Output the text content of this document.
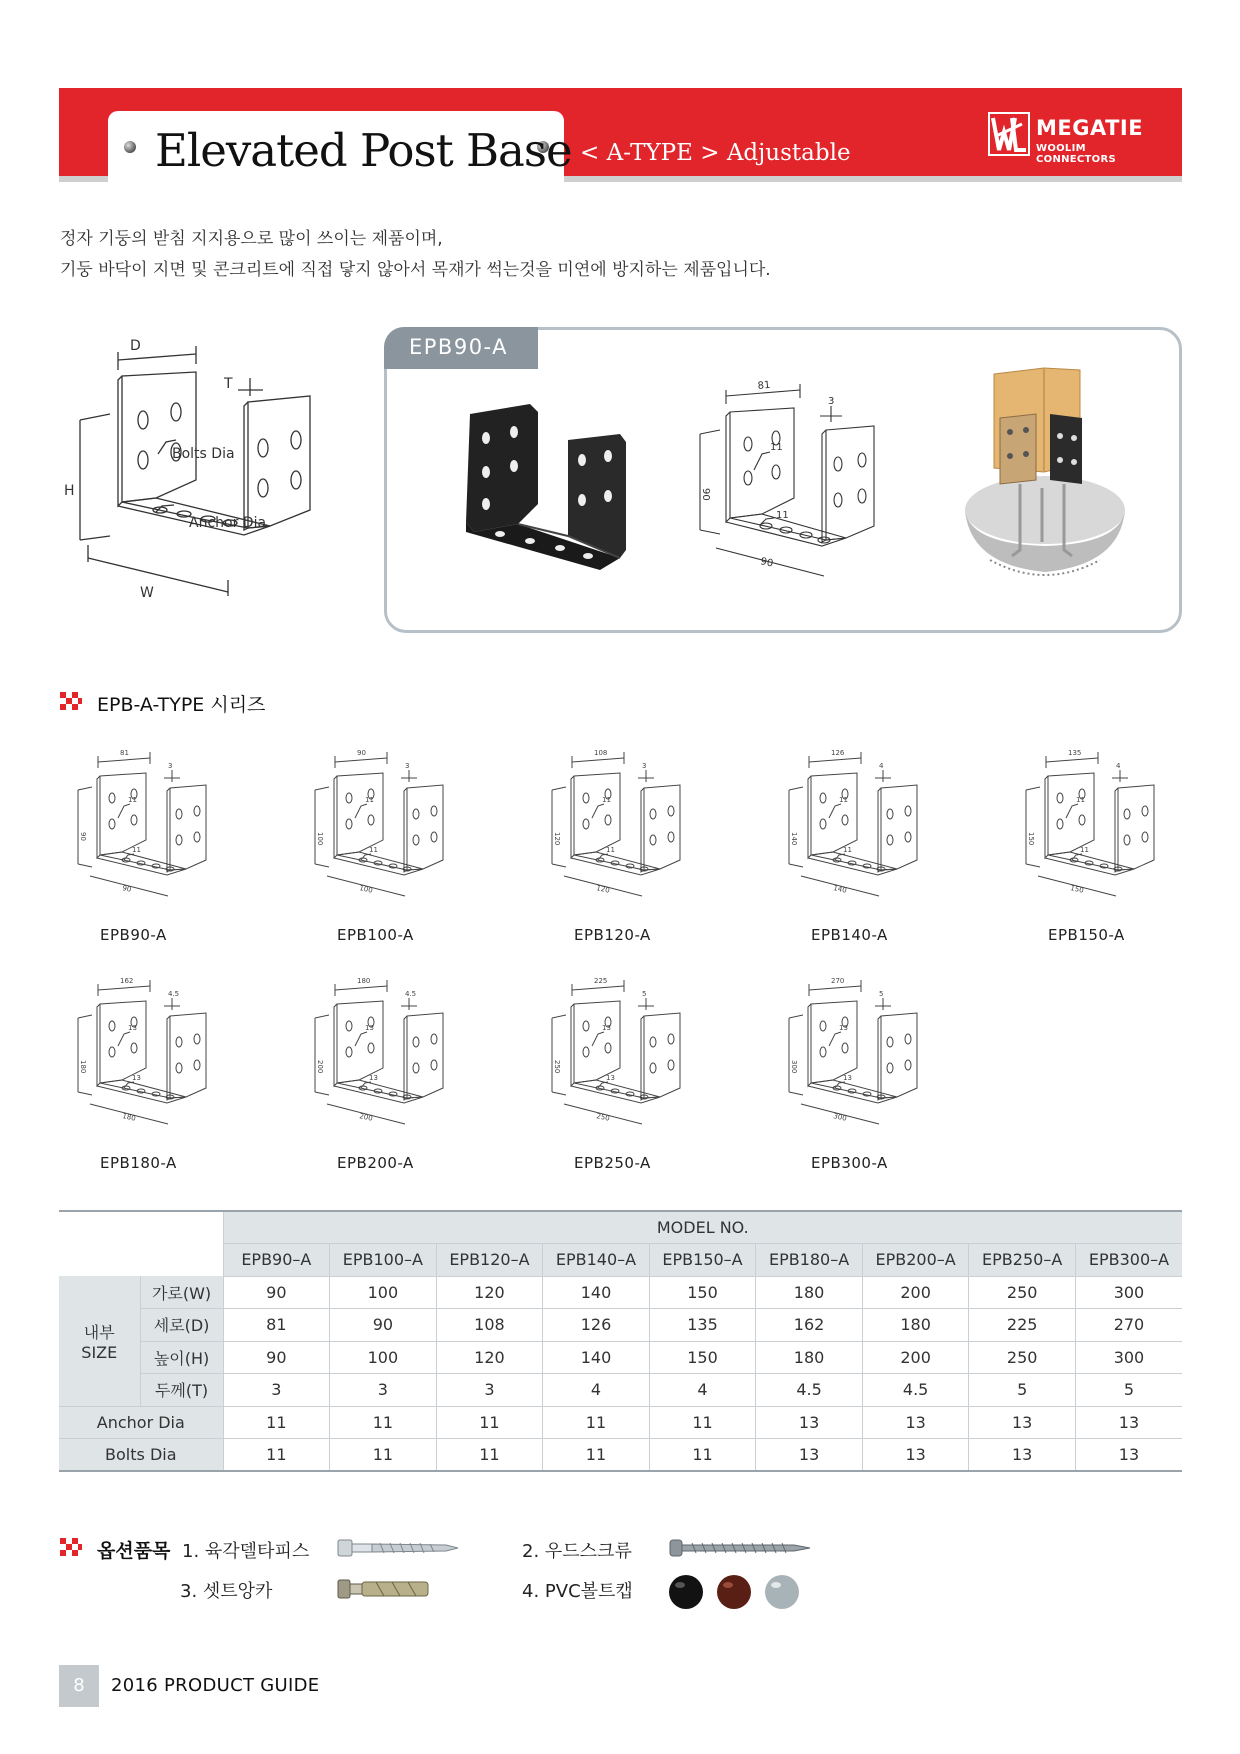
Elevated Post Base < A-TYPE > Adjustable
MEGATIE
WOOLIM CONNECTORS
정자 기둥의 받침 지지용으로 많이 쓰이는 제품이며,
기둥 바닥이 지면 및 콘크리트에 직접 닿지 않아서 목재가 썩는것을 미연에 방지하는 제품입니다.
D
T
H
W
Bolts Dia
Anchor Dia
EPB90-A
81
3
90
90
11
11
EPB-A-TYPE 시리즈
81
3
90
90
11
11
EPB90-A
90
3
100
100
11
11
EPB100-A
108
3
120
120
11
11
EPB120-A
126
4
140
140
11
11
EPB140-A
135
4
150
150
11
11
EPB150-A
162
4.5
180
180
13
13
EPB180-A
180
4.5
200
200
13
13
EPB200-A
225
5
250
250
13
13
EPB250-A
270
5
300
300
13
13
EPB300-A
		MODEL NO.								
		EPB90–A	EPB100–A	EPB120–A	EPB140–A	EPB150–A	EPB180–A	EPB200–A	EPB250–A	EPB300–A

내부
SIZE	가로(W)	90	100	120	140	150	180	200	250	300
	세로(D)	81	90	108	126	135	162	180	225	270
	높이(H)	90	100	120	140	150	180	200	250	300
	두께(T)	3	3	3	4	4	4.5	4.5	5	5
Anchor Dia		11	11	11	11	11	13	13	13	13
Bolts Dia		11	11	11	11	11	13	13	13	13
옵션품목 1. 육각델타피스	2. 우드스크류
3. 셋트앙카	4. PVC볼트캡
8	2016 PRODUCT GUIDE
